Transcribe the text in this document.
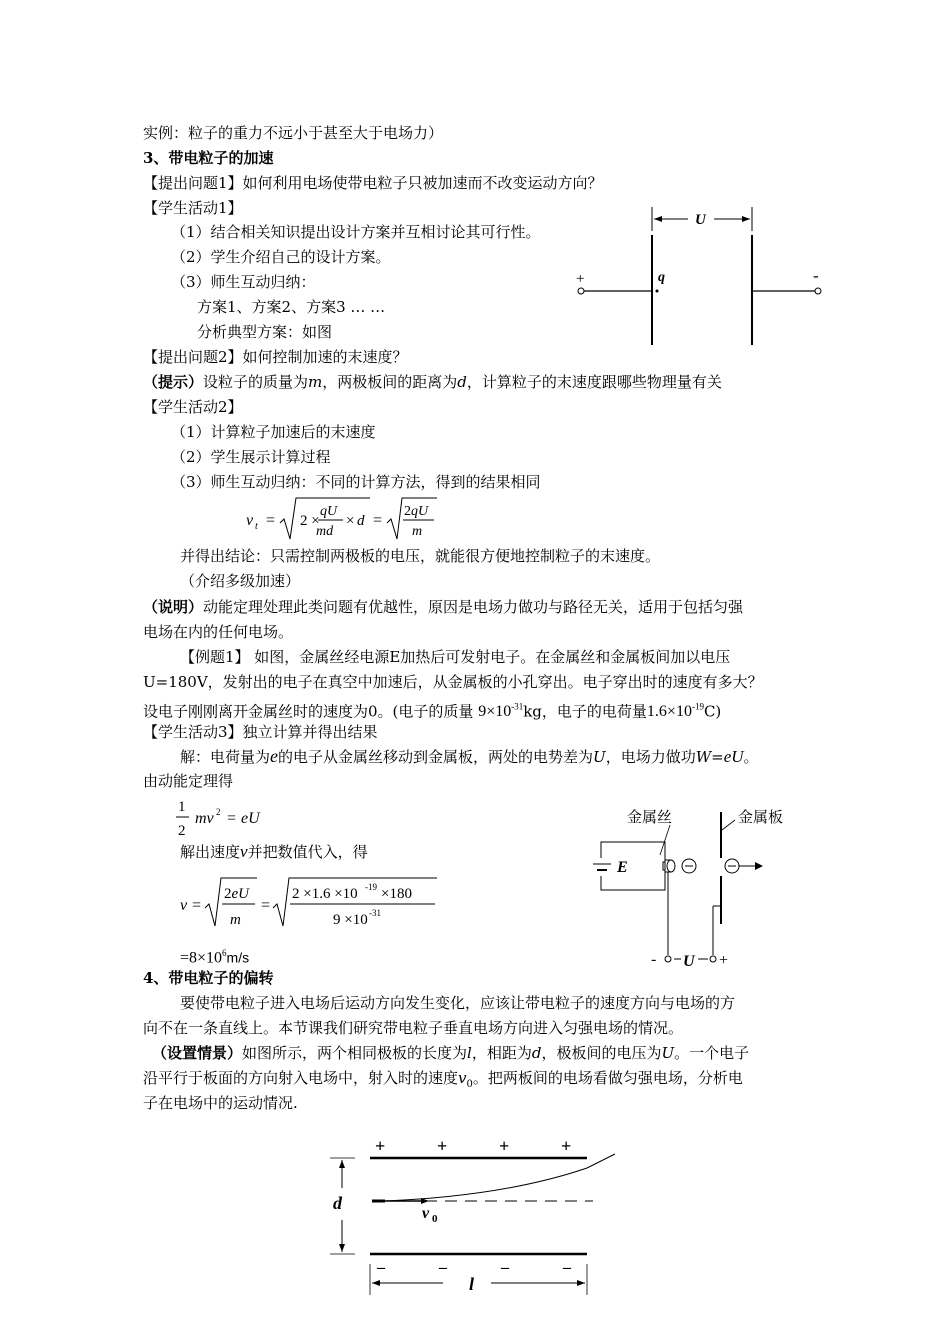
实例：粒子的重力不远小于甚至大于电场力）
3、带电粒子的加速
【提出问题1】如何利用电场使带电粒子只被加速而不改变运动方向？
【学生活动1】
（1）结合相关知识提出设计方案并互相讨论其可行性。
（2）学生介绍自己的设计方案。
（3）师生互动归纳：
方案1、方案2、方案3 … …
分析典型方案：如图
【提出问题2】如何控制加速的末速度？
（提示）设粒子的质量为m，两极板间的距离为d，计算粒子的末速度跟哪些物理量有关
【学生活动2】
（1）计算粒子加速后的末速度
（2）学生展示计算过程
（3）师生互动归纳：不同的计算方法，得到的结果相同
v t = 2 ×
qU
md
× d =
2qU
m
并得出结论：只需控制两极板的电压，就能很方便地控制粒子的末速度。
（介绍多级加速）
（说明）动能定理处理此类问题有优越性，原因是电场力做功与路径无关，适用于包括匀强
电场在内的任何电场。
【例题1】 如图，金属丝经电源E加热后可发射电子。在金属丝和金属板间加以电压
U=180V，发射出的电子在真空中加速后，从金属板的小孔穿出。电子穿出时的速度有多大？
设电子刚刚离开金属丝时的速度为0。(电子的质量 $9\times 10^{-31}kg$，电子的电荷量$1.6\times 10^{-19}C$)
【学生活动3】独立计算并得出结果
解：电荷量为e的电子从金属丝移动到金属板，两处的电势差为U，电场力做功W=eU。
由动能定理得
1
2
mv 2 = eU
解出速度v并把数值代入，得
v =
2eU
m
=
2 ×1.6 ×10 -19 ×180
9 ×10 -31
$=8\times 10^6m/s$
4、带电粒子的偏转
要使带电粒子进入电场后运动方向发生变化，应该让带电粒子的速度方向与电场的方
向不在一条直线上。本节课我们研究带电粒子垂直电场方向进入匀强电场的情况。
（设置情景）如图所示，两个相同极板的长度为l，相距为d，极板间的电压为U。一个电子
沿平行于板面的方向射入电场中，射入时的速度$v_0$。把两板间的电场看做匀强电场，分析电
子在电场中的运动情况.
U
+	-
q
金属丝	金属板
E
-	+
U
+	+	+	+
–	–	–	–
d
v 0
l
